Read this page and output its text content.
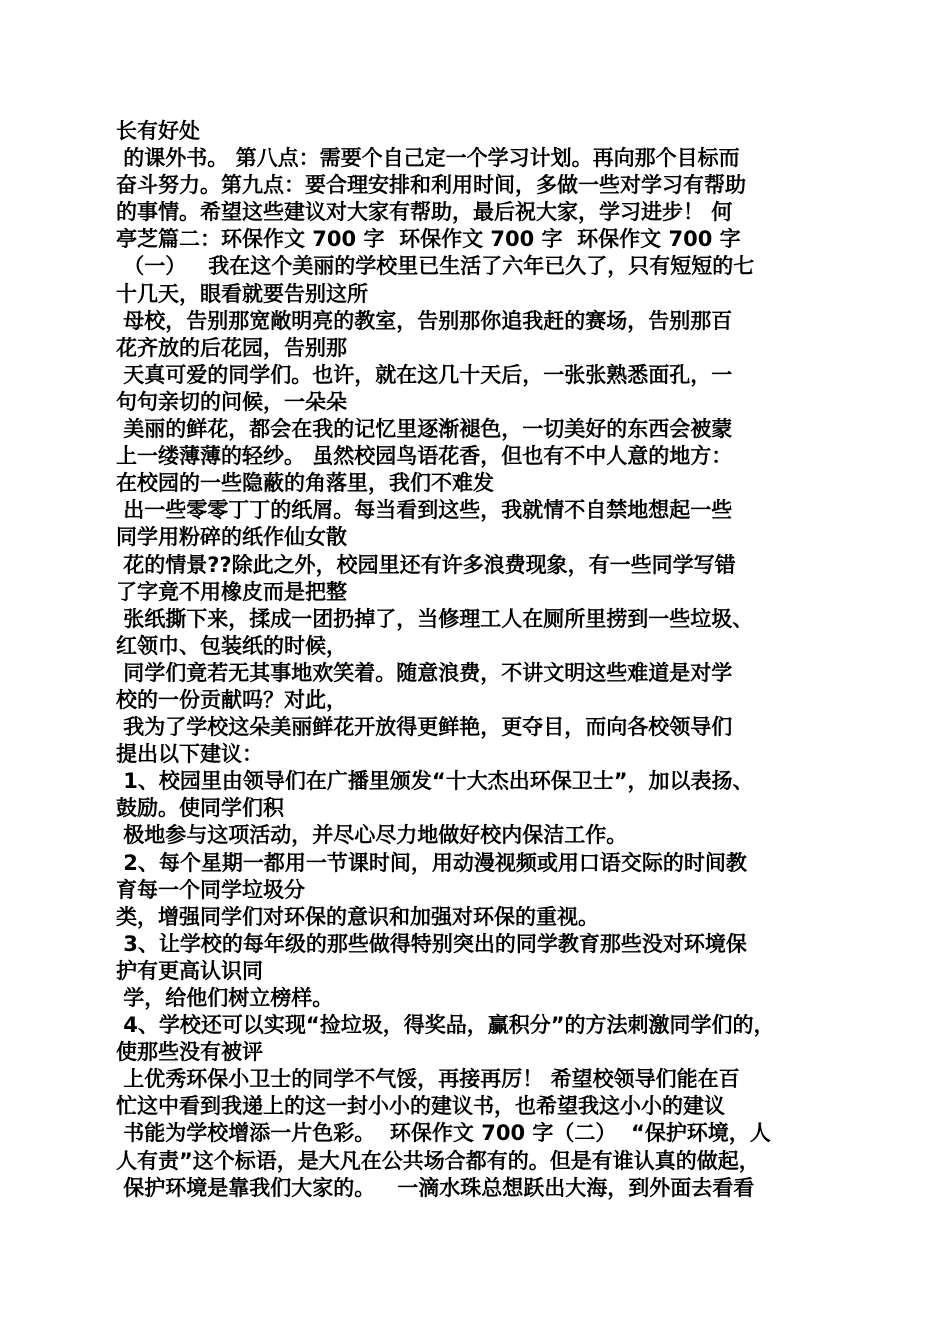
长有好处
的课外书。 第八点：需要个自己定一个学习计划。再向那个目标而
奋斗努力。第九点：要合理安排和利用时间，多做一些对学习有帮助
的事情。希望这些建议对大家有帮助，最后祝大家，学习进步！ 何
亭芝篇二：环保作文 700 字  环保作文 700 字  环保作文 700 字
（一）   我在这个美丽的学校里已生活了六年已久了，只有短短的七
十几天，眼看就要告别这所
母校，告别那宽敞明亮的教室，告别那你追我赶的赛场，告别那百
花齐放的后花园，告别那
天真可爱的同学们。也许，就在这几十天后，一张张熟悉面孔，一
句句亲切的问候，一朵朵
美丽的鲜花，都会在我的记忆里逐渐褪色，一切美好的东西会被蒙
上一缕薄薄的轻纱。 虽然校园鸟语花香，但也有不中人意的地方：
在校园的一些隐蔽的角落里，我们不难发
出一些零零丁丁的纸屑。每当看到这些，我就情不自禁地想起一些
同学用粉碎的纸作仙女散
花的情景??除此之外，校园里还有许多浪费现象，有一些同学写错
了字竟不用橡皮而是把整
张纸撕下来，揉成一团扔掉了，当修理工人在厕所里捞到一些垃圾、
红领巾、包装纸的时候，
同学们竟若无其事地欢笑着。随意浪费，不讲文明这些难道是对学
校的一份贡献吗？对此，
我为了学校这朵美丽鲜花开放得更鲜艳，更夺目，而向各校领导们
提出以下建议：
1、校园里由领导们在广播里颁发“十大杰出环保卫士”，加以表扬、
鼓励。使同学们积
极地参与这项活动，并尽心尽力地做好校内保洁工作。
2、每个星期一都用一节课时间，用动漫视频或用口语交际的时间教
育每一个同学垃圾分
类，增强同学们对环保的意识和加强对环保的重视。
3、让学校的每年级的那些做得特别突出的同学教育那些没对环境保
护有更高认识同
学，给他们树立榜样。
4、学校还可以实现“捡垃圾，得奖品，赢积分”的方法刺激同学们的，
使那些没有被评
上优秀环保小卫士的同学不气馁，再接再厉！ 希望校领导们能在百
忙这中看到我递上的这一封小小的建议书，也希望我这小小的建议
书能为学校增添一片色彩。  环保作文 700 字（二）  “保护环境，人
人有责”这个标语，是大凡在公共场合都有的。但是有谁认真的做起，
保护环境是靠我们大家的。   一滴水珠总想跃出大海，到外面去看看
